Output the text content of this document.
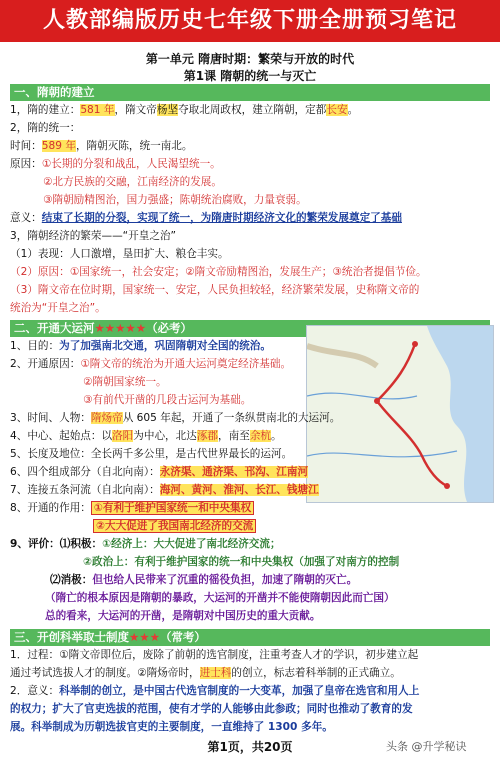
人教部编版历史七年级下册全册预习笔记
第一单元 隋唐时期：繁荣与开放的时代
第1课 隋朝的统一与灭亡
一、隋朝的建立
1，隋的建立：581 年，隋文帝杨坚夺取北周政权，建立隋朝，定都长安。
2，隋的统一：
时间：589 年，隋朝灭陈，统一南北。
原因：①长期的分裂和战乱，人民渴望统一。
②北方民族的交融，江南经济的发展。
③隋朝励精图治，国力强盛；陈朝统治腐败，力量衰弱。
意义：结束了长期的分裂，实现了统一，为隋唐时期经济文化的繁荣发展奠定了基础
3，隋朝经济的繁荣——“开皇之治”
（1）表现：人口激增，垦田扩大、粮仓丰实。
（2）原因：①国家统一，社会安定；②隋文帝励精图治，发展生产；③统治者提倡节俭。
（3）隋文帝在位时期，国家统一、安定，人民负担较轻，经济繁荣发展，史称隋文帝的
统治为“开皇之治”。
二、开通大运河★★★★★（必考）
1、目的：为了加强南北交通，巩固隋朝对全国的统治。
2、开通原因：①隋文帝的统治为开通大运河奠定经济基础。
②隋朝国家统一。
③有前代开凿的几段古运河为基础。
3、时间、人物：隋炀帝从 605 年起，开通了一条纵贯南北的大运河。
4、中心、起始点：以洛阳为中心，北达涿郡，南至余杭。
5、长度及地位：全长两千多公里，是古代世界最长的运河。
6、四个组成部分（自北向南）：永济渠、通济渠、邗沟、江南河
7、连接五条河流（自北向南）：海河、黄河、淮河、长江、钱塘江
8、开通的作用： ①有利于维护国家统一和中央集权
②大大促进了我国南北经济的交流
9、评价：⑴积极：①经济上：大大促进了南北经济交流；
②政治上：有利于维护国家的统一和中央集权（加强了对南方的控制
⑵消极：但也给人民带来了沉重的徭役负担，加速了隋朝的灭亡。
（隋亡的根本原因是隋朝的暴政，大运河的开凿并不能使隋朝因此而亡国）
总的看来，大运河的开凿，是隋朝对中国历史的重大贡献。
三、开创科举取士制度★★★（常考）
1．过程：①隋文帝即位后，废除了前朝的选官制度，注重考查人才的学识，初步建立起
通过考试选拔人才的制度。②隋炀帝时，进士科的创立，标志着科举制的正式确立。
2．意义：科举制的创立，是中国古代选官制度的一大变革，加强了皇帝在选官和用人上
的权力；扩大了官吏选拔的范围，使有才学的人能够由此参政；同时也推动了教育的发
展。科举制成为历朝选拔官吏的主要制度，一直维持了 1300 多年。
第1页，共20页	头条 @升学秘诀
